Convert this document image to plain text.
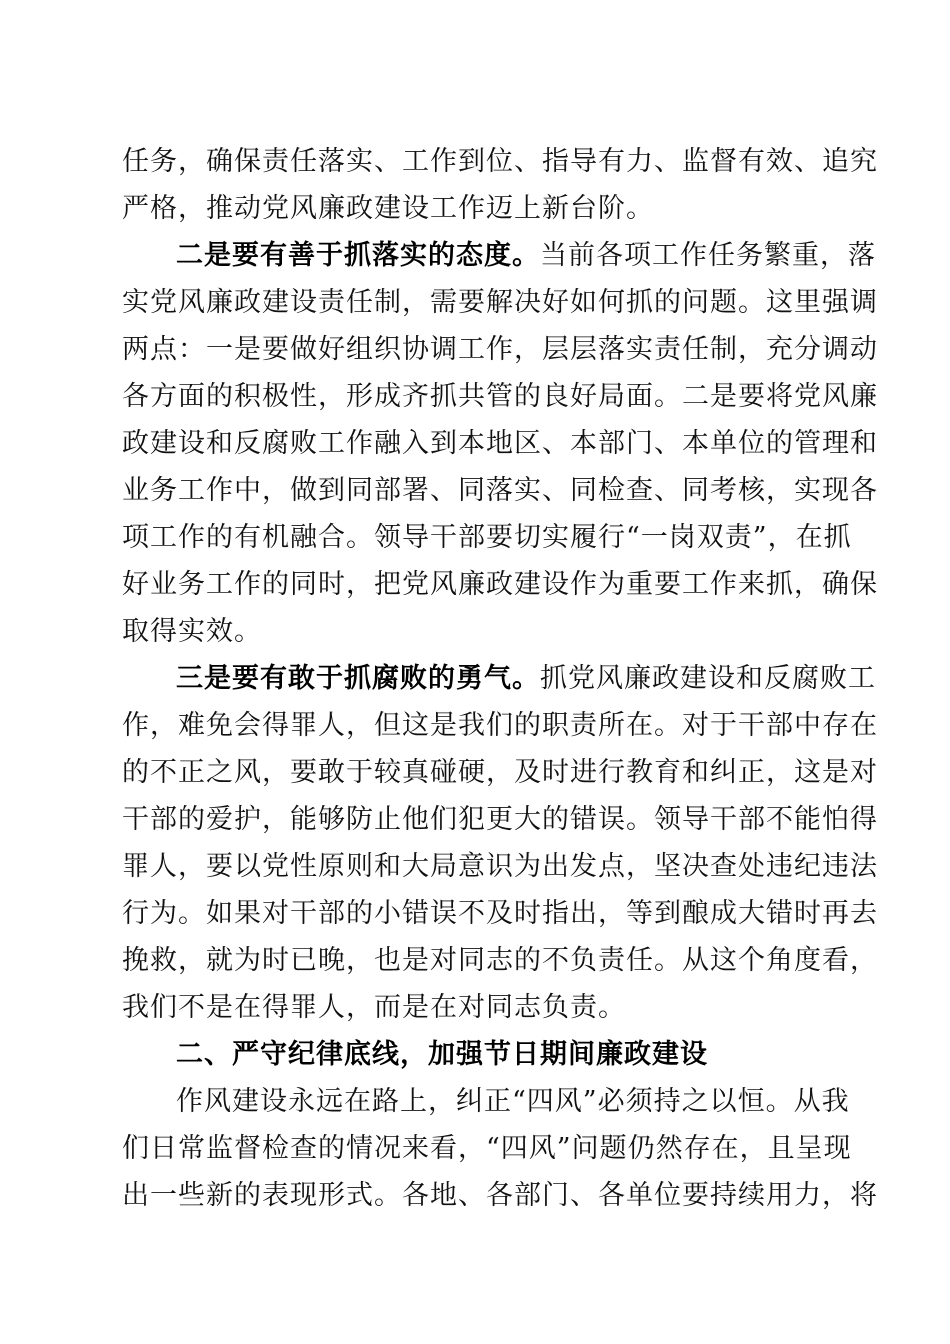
任务，确保责任落实、工作到位、指导有力、监督有效、追究
严格，推动党风廉政建设工作迈上新台阶。
二是要有善于抓落实的态度。当前各项工作任务繁重，落
实党风廉政建设责任制，需要解决好如何抓的问题。这里强调
两点：一是要做好组织协调工作，层层落实责任制，充分调动
各方面的积极性，形成齐抓共管的良好局面。二是要将党风廉
政建设和反腐败工作融入到本地区、本部门、本单位的管理和
业务工作中，做到同部署、同落实、同检查、同考核，实现各
项工作的有机融合。领导干部要切实履行“一岗双责”，在抓
好业务工作的同时，把党风廉政建设作为重要工作来抓，确保
取得实效。
三是要有敢于抓腐败的勇气。抓党风廉政建设和反腐败工
作，难免会得罪人，但这是我们的职责所在。对于干部中存在
的不正之风，要敢于较真碰硬，及时进行教育和纠正，这是对
干部的爱护，能够防止他们犯更大的错误。领导干部不能怕得
罪人，要以党性原则和大局意识为出发点，坚决查处违纪违法
行为。如果对干部的小错误不及时指出，等到酿成大错时再去
挽救，就为时已晚，也是对同志的不负责任。从这个角度看，
我们不是在得罪人，而是在对同志负责。
二、严守纪律底线，加强节日期间廉政建设
作风建设永远在路上，纠正“四风”必须持之以恒。从我
们日常监督检查的情况来看，“四风”问题仍然存在，且呈现
出一些新的表现形式。各地、各部门、各单位要持续用力，将
